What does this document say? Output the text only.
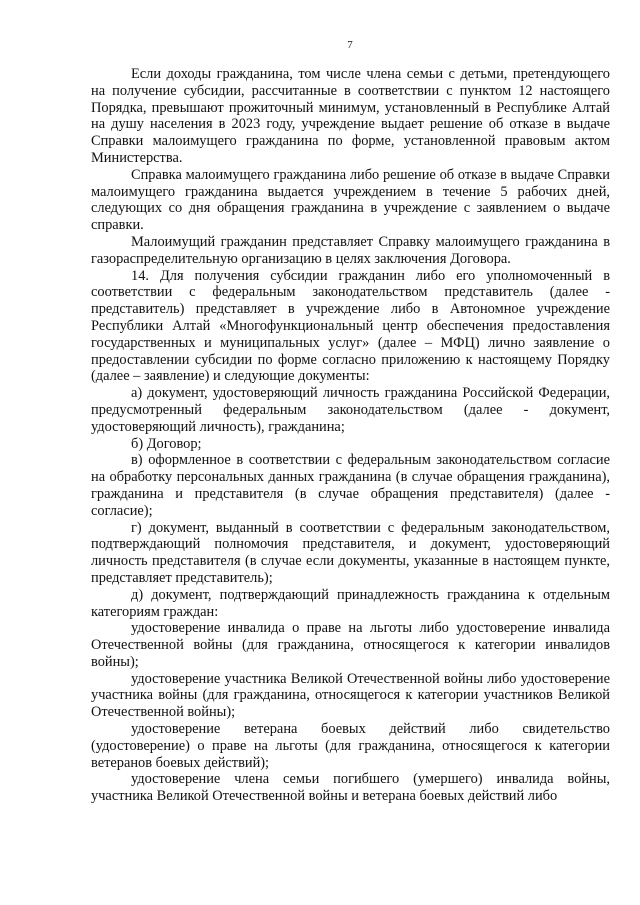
7

Если доходы гражданина, том числе члена семьи с детьми, претендующего на получение субсидии, рассчитанные в соответствии с пунктом 12 настоящего Порядка, превышают прожиточный минимум, установленный в Республике Алтай на душу населения в 2023 году, учреждение выдает решение об отказе в выдаче Справки малоимущего гражданина по форме, установленной правовым актом Министерства.

Справка малоимущего гражданина либо решение об отказе в выдаче Справки малоимущего гражданина выдается учреждением в течение 5 рабочих дней, следующих со дня обращения гражданина в учреждение с заявлением о выдаче справки.

Малоимущий гражданин представляет Справку малоимущего гражданина в газораспределительную организацию в целях заключения Договора.

14. Для получения субсидии гражданин либо его уполномоченный в соответствии с федеральным законодательством представитель (далее - представитель) представляет в учреждение либо в Автономное учреждение Республики Алтай «Многофункциональный центр обеспечения предоставления государственных и муниципальных услуг» (далее – МФЦ) лично заявление о предоставлении субсидии по форме согласно приложению к настоящему Порядку (далее – заявление) и следующие документы:

а) документ, удостоверяющий личность гражданина Российской Федерации, предусмотренный федеральным законодательством (далее - документ, удостоверяющий личность), гражданина;

б) Договор;

в) оформленное в соответствии с федеральным законодательством согласие на обработку персональных данных гражданина (в случае обращения гражданина), гражданина и представителя (в случае обращения представителя) (далее - согласие);

г) документ, выданный в соответствии с федеральным законодательством, подтверждающий полномочия представителя, и документ, удостоверяющий личность представителя (в случае если документы, указанные в настоящем пункте, представляет представитель);

д) документ, подтверждающий принадлежность гражданина к отдельным категориям граждан:

удостоверение инвалида о праве на льготы либо удостоверение инвалида Отечественной войны (для гражданина, относящегося к категории инвалидов войны);

удостоверение участника Великой Отечественной войны либо удостоверение участника войны (для гражданина, относящегося к категории участников Великой Отечественной войны);

удостоверение ветерана боевых действий либо свидетельство (удостоверение) о праве на льготы (для гражданина, относящегося к категории ветеранов боевых действий);

удостоверение члена семьи погибшего (умершего) инвалида войны, участника Великой Отечественной войны и ветерана боевых действий либо
